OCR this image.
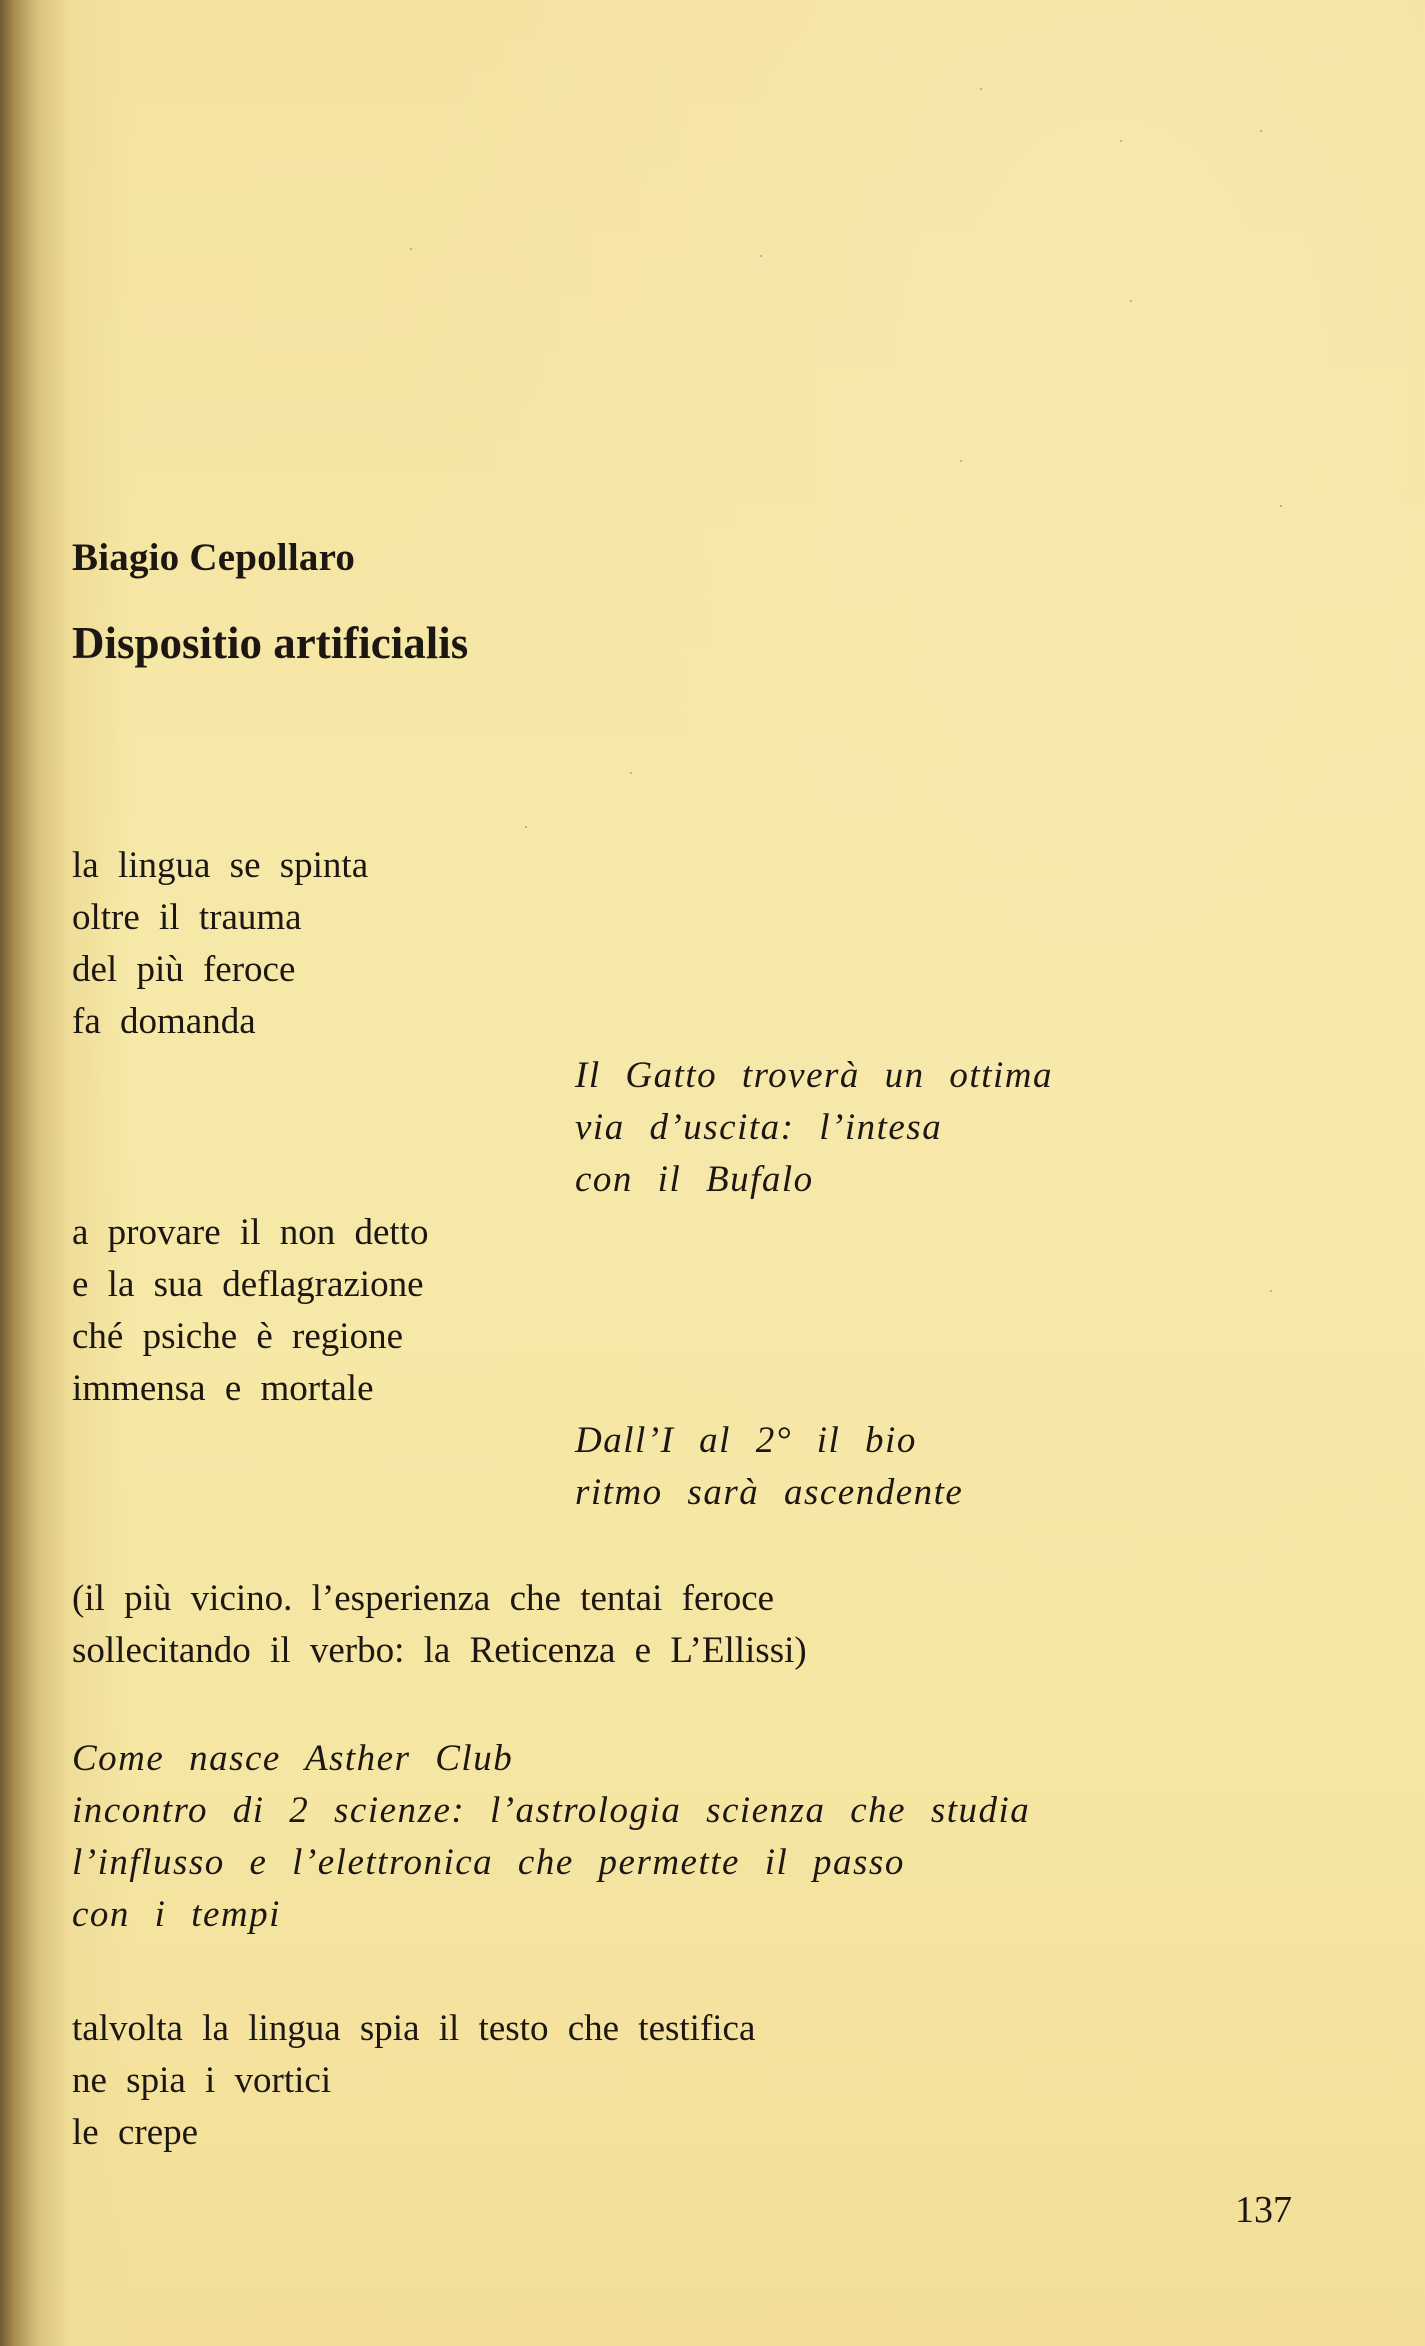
Biagio Cepollaro
Dispositio artificialis
la lingua se spinta
oltre il trauma
del più feroce
fa domanda
Il Gatto troverà un ottima
via d’uscita: l’intesa
con il Bufalo
a provare il non detto
e la sua deflagrazione
ché psiche è regione
immensa e mortale
Dall’I al 2° il bio
ritmo sarà ascendente
(il più vicino. l’esperienza che tentai feroce
sollecitando il verbo: la Reticenza e L’Ellissi)
Come nasce Asther Club
incontro di 2 scienze: l’astrologia scienza che studia
l’influsso e l’elettronica che permette il passo
con i tempi
talvolta la lingua spia il testo che testifica
ne spia i vortici
le crepe
137
